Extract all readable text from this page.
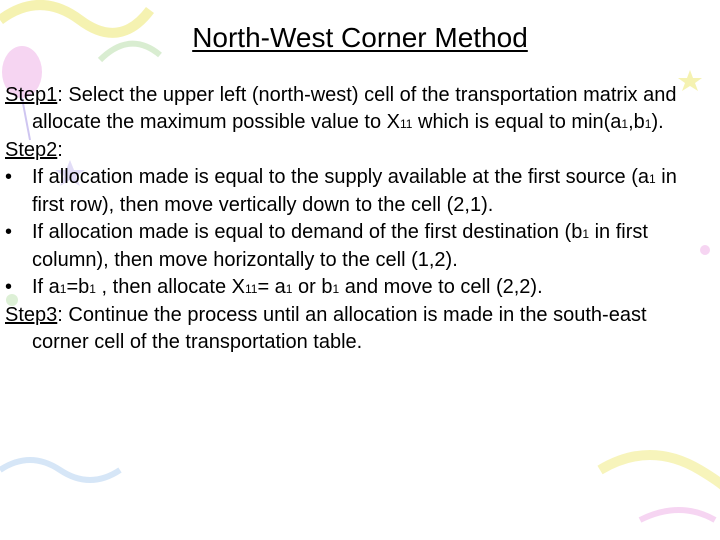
North-West Corner Method

Step1: Select the upper left (north-west) cell of the transportation matrix and allocate the maximum possible value to X11 which is equal to min(a1,b1).

Step2:

• If allocation made is equal to the supply available at the first source (a1 in first row), then move vertically down to the cell (2,1).

• If allocation made is equal to demand of the first destination (b1 in first column), then move horizontally to the cell (1,2).

• If a1=b1 , then allocate X11= a1 or b1 and move to cell (2,2).

Step3: Continue the process until an allocation is made in the south-east corner cell of the transportation table.
